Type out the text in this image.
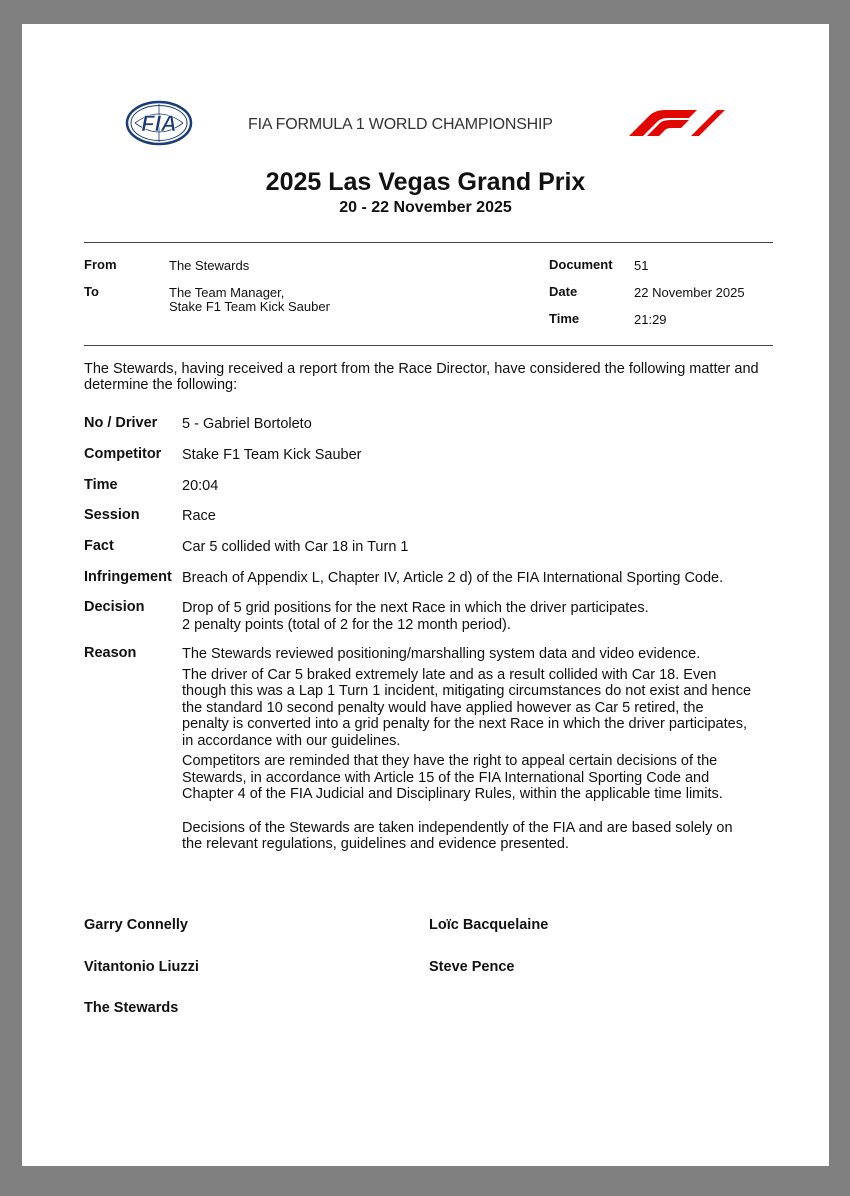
FIA	FIA FORMULA 1 WORLD CHAMPIONSHIP
2025 Las Vegas Grand Prix
20 - 22 November 2025
From	The Stewards
To	The Team Manager,
Stake F1 Team Kick Sauber
Document 51
Date	22 November 2025
Time	21:29
The Stewards, having received a report from the Race Director, have considered the following matter and determine the following:
No / Driver 5 - Gabriel Bortoleto
Competitor Stake F1 Team Kick Sauber
Time	20:04
Session	Race
Fact	Car 5 collided with Car 18 in Turn 1
Infringement Breach of Appendix L, Chapter IV, Article 2 d) of the FIA International Sporting Code.
Decision	Drop of 5 grid positions for the next Race in which the driver participates.

2 penalty points (total of 2 for the 12 month period).

Reason	The Stewards reviewed positioning/marshalling system data and video evidence.

The driver of Car 5 braked extremely late and as a result collided with Car 18. Even though this was a Lap 1 Turn 1 incident, mitigating circumstances do not exist and hence the standard 10 second penalty would have applied however as Car 5 retired, the penalty is converted into a grid penalty for the next Race in which the driver participates, in accordance with our guidelines.

Competitors are reminded that they have the right to appeal certain decisions of the Stewards, in accordance with Article 15 of the FIA International Sporting Code and Chapter 4 of the FIA Judicial and Disciplinary Rules, within the applicable time limits.

Decisions of the Stewards are taken independently of the FIA and are based solely on the relevant regulations, guidelines and evidence presented.

Garry Connelly	Loïc Bacquelaine
Vitantonio Liuzzi	Steve Pence
The Stewards
